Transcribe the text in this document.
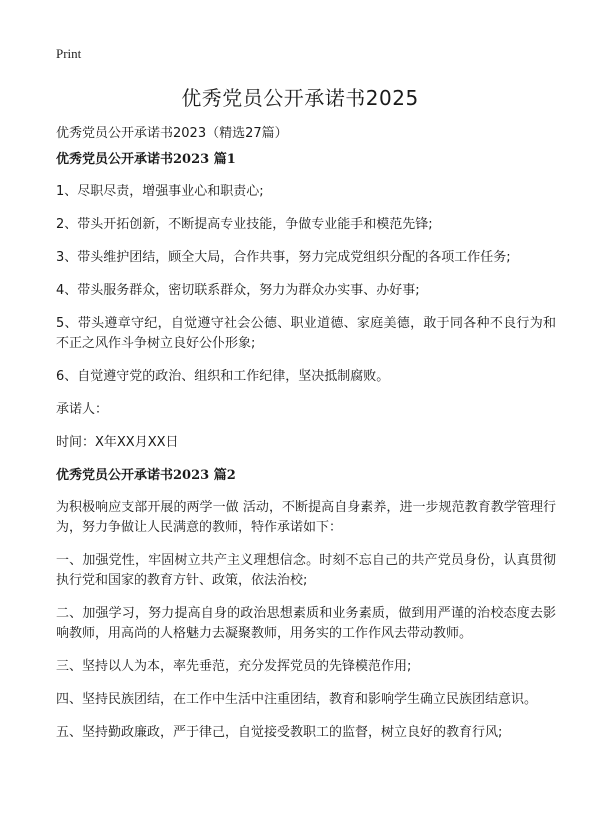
Print
优秀党员公开承诺书2025
优秀党员公开承诺书2023（精选27篇）

优秀党员公开承诺书2023 篇1

1、尽职尽责，增强事业心和职责心;

2、带头开拓创新，不断提高专业技能，争做专业能手和模范先锋;

3、带头维护团结，顾全大局，合作共事，努力完成党组织分配的各项工作任务;

4、带头服务群众，密切联系群众，努力为群众办实事、办好事;

5、带头遵章守纪，自觉遵守社会公德、职业道德、家庭美德，敢于同各种不良行为和不正之风作斗争树立良好公仆形象;

6、自觉遵守党的政治、组织和工作纪律，坚决抵制腐败。

承诺人：

时间：X年XX月XX日

优秀党员公开承诺书2023 篇2

为积极响应支部开展的两学一做 活动，不断提高自身素养，进一步规范教育教学管理行为，努力争做让人民满意的教师，特作承诺如下：

一、加强党性，牢固树立共产主义理想信念。时刻不忘自己的共产党员身份，认真贯彻执行党和国家的教育方针、政策，依法治校;

二、加强学习，努力提高自身的政治思想素质和业务素质，做到用严谨的治校态度去影响教师，用高尚的人格魅力去凝聚教师，用务实的工作作风去带动教师。

三、坚持以人为本，率先垂范，充分发挥党员的先锋模范作用;

四、坚持民族团结，在工作中生活中注重团结，教育和影响学生确立民族团结意识。

五、坚持勤政廉政，严于律己，自觉接受教职工的监督，树立良好的教育行风;
